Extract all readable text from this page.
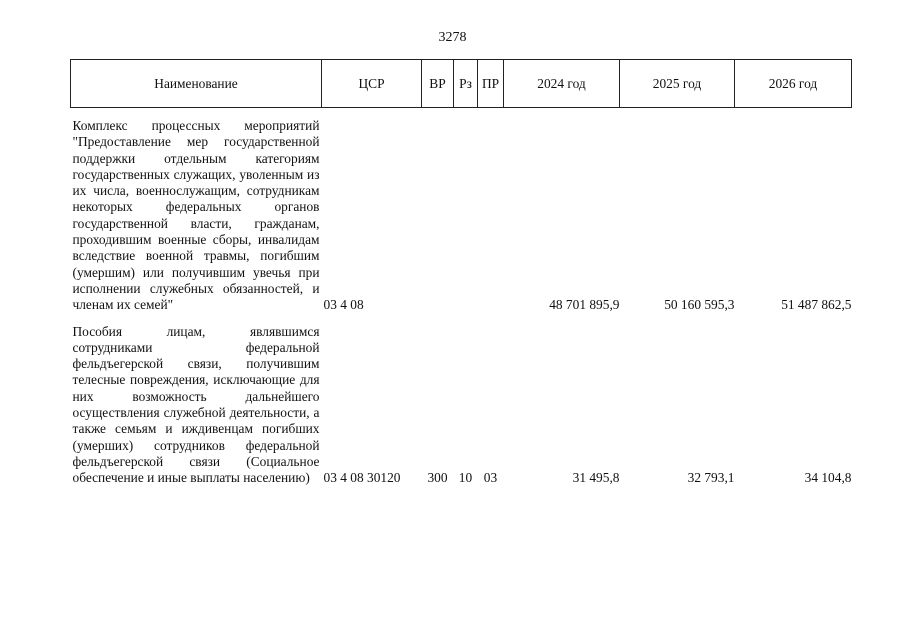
3278
Наименование	ЦСР	ВР	Рз	ПР	2024 год	2025 год	2026 год
Комплекс процессных мероприятий "Предоставление мер государственной поддержки отдельным категориям государственных служащих, уволенным из их числа, военнослужащим, сотрудникам некоторых федеральных органов государственной власти, гражданам, проходившим военные сборы, инвалидам вследствие военной травмы, погибшим (умершим) или получившим увечья при исполнении служебных обязанностей, и членам их семей"	03 4 08				48 701 895,9	50 160 595,3	51 487 862,5
Пособия лицам, являвшимся сотрудниками федеральной фельдъегерской связи, получившим телесные повреждения, исключающие для них возможность дальнейшего осуществления служебной деятельности, а также семьям и иждивенцам погибших (умерших) сотрудников федеральной фельдъегерской связи (Социальное обеспечение и иные выплаты населению)	03 4 08 30120	300	10	03	31 495,8	32 793,1	34 104,8
